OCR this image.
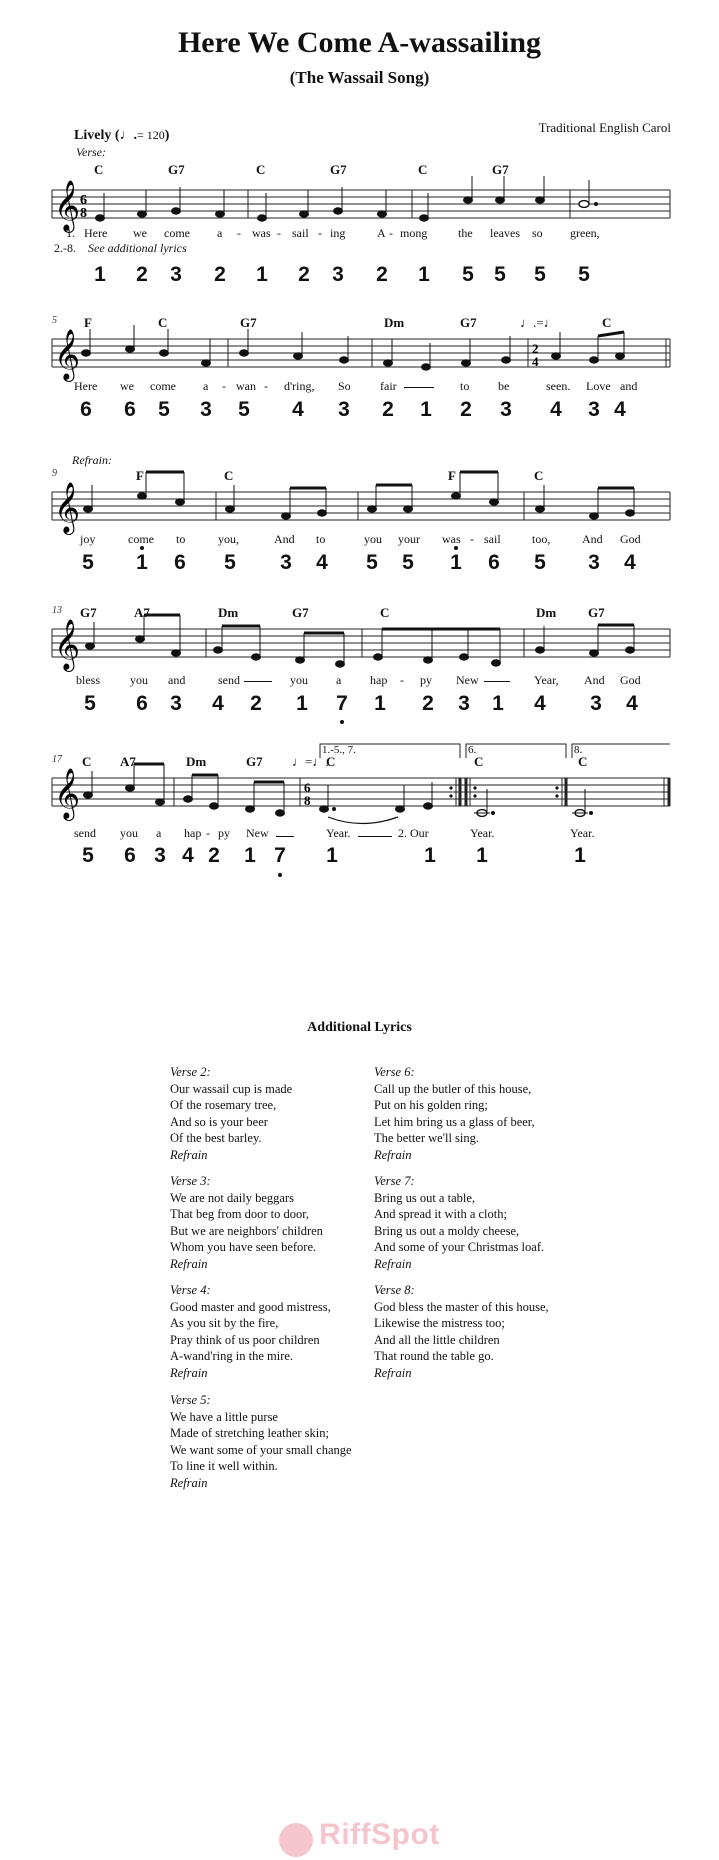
Here We Come A-wassailing
(The Wassail Song)
Traditional English Carol
Lively (♩.= 120)
Verse:
𝄞 6
8
C	G7	C	G7	C	G7
1. Here we come a - was - sail - ing	A - mong	the leaves so green,
2.-8. See additional lyrics
1 2 3 2 1 2 3 2 1 5 5 5 5
𝄞	2
4
5 F	C	G7	Dm	G7	♩.=♩	C
Here we come a - wan - d'ring, So fair	to be	seen. Love and
6 6 5 3 5 4 3 2 1 2 3 4 3 4
Refrain:
𝄞
9	F	C	F	C
joy	come to	you,	And to	you your was - sail	too,	And God
5 1 6 5 3 4 5 5 1 6 5 3 4
𝄞
13 G7	A7	Dm	G7	C	Dm G7
bless	you and	send	you a hap - py New	Year, And God
5 6 3 4 2 1 7 1 2 3 1 4 3 4
𝄞	6
8
17
1.-5., 7.	6.	8.
C A7	Dm	G7 ♩=♩.
C	C	C
send you a hap - py New	Year.	2. Our	Year.	Year.
5 6 3 4 2 1 7 1	1 1	1
Additional Lyrics
Verse 2:
Our wassail cup is made
Of the rosemary tree,
And so is your beer
Of the best barley.
Refrain
Verse 3:
We are not daily beggars
That beg from door to door,
But we are neighbors' children
Whom you have seen before.
Refrain
Verse 4:
Good master and good mistress,
As you sit by the fire,
Pray think of us poor children
A-wand'ring in the mire.
Refrain
Verse 5:
We have a little purse
Made of stretching leather skin;
We want some of your small change
To line it well within.
Refrain
Verse 6:
Call up the butler of this house,
Put on his golden ring;
Let him bring us a glass of beer,
The better we'll sing.
Refrain
Verse 7:
Bring us out a table,
And spread it with a cloth;
Bring us out a moldy cheese,
And some of your Christmas loaf.
Refrain
Verse 8:
God bless the master of this house,
Likewise the mistress too;
And all the little children
That round the table go.
Refrain
RiffSpot
